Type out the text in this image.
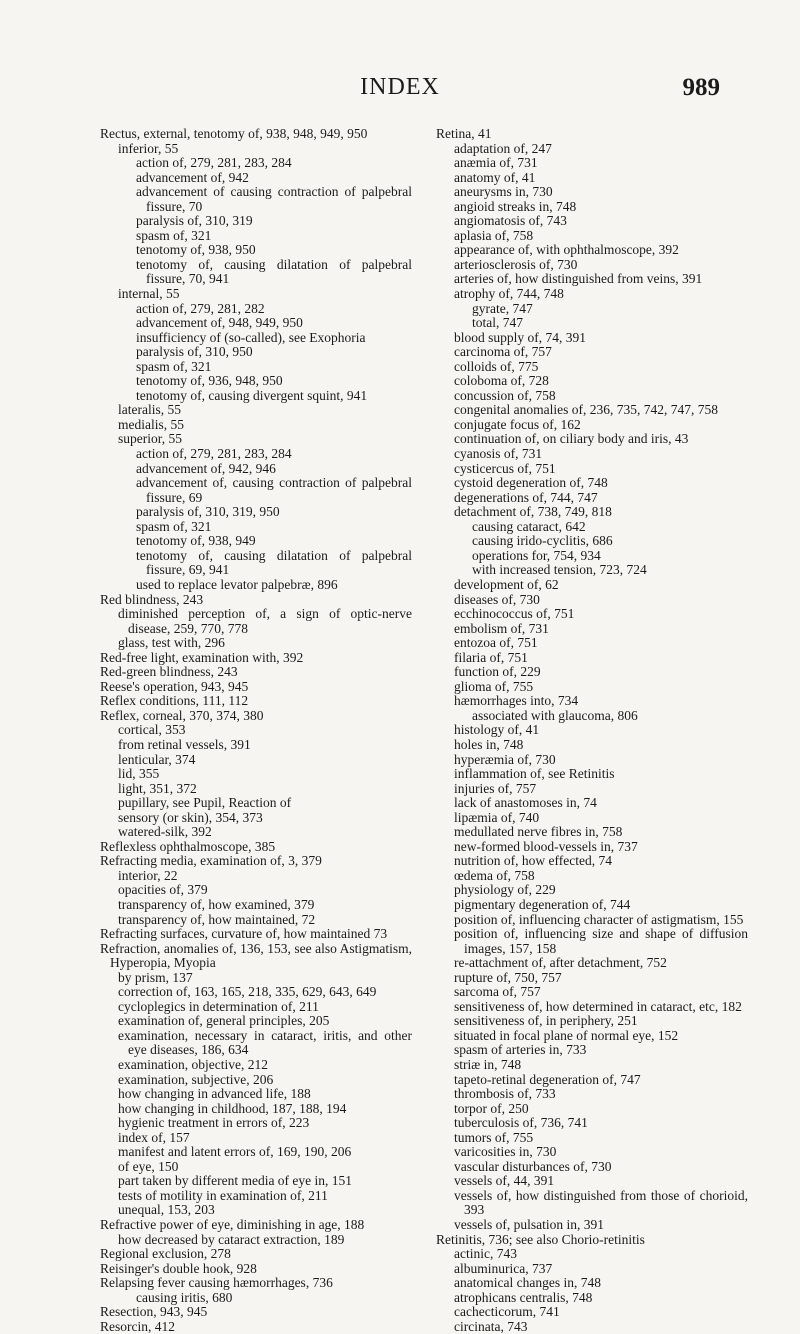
INDEX	989
Rectus, external, tenotomy of, 938, 948, 949, 950
inferior, 55
action of, 279, 281, 283, 284
advancement of, 942
advancement of causing contraction of palpebral fissure, 70
paralysis of, 310, 319
spasm of, 321
tenotomy of, 938, 950
tenotomy of, causing dilatation of palpebral fissure, 70, 941
internal, 55
action of, 279, 281, 282
advancement of, 948, 949, 950
insufficiency of (so-called), see Exophoria
paralysis of, 310, 950
spasm of, 321
tenotomy of, 936, 948, 950
tenotomy of, causing divergent squint, 941
lateralis, 55
medialis, 55
superior, 55
action of, 279, 281, 283, 284
advancement of, 942, 946
advancement of, causing contraction of palpebral fissure, 69
paralysis of, 310, 319, 950
spasm of, 321
tenotomy of, 938, 949
tenotomy of, causing dilatation of palpebral fissure, 69, 941
used to replace levator palpebræ, 896
Red blindness, 243
diminished perception of, a sign of optic-nerve disease, 259, 770, 778
glass, test with, 296
Red-free light, examination with, 392
Red-green blindness, 243
Reese's operation, 943, 945
Reflex conditions, 111, 112
Reflex, corneal, 370, 374, 380
cortical, 353
from retinal vessels, 391
lenticular, 374
lid, 355
light, 351, 372
pupillary, see Pupil, Reaction of
sensory (or skin), 354, 373
watered-silk, 392
Reflexless ophthalmoscope, 385
Refracting media, examination of, 3, 379
interior, 22
opacities of, 379
transparency of, how examined, 379
transparency of, how maintained, 72
Refracting surfaces, curvature of, how maintained 73
Refraction, anomalies of, 136, 153, see also Astigmatism, Hyperopia, Myopia
by prism, 137
correction of, 163, 165, 218, 335, 629, 643, 649
cycloplegics in determination of, 211
examination of, general principles, 205
examination, necessary in cataract, iritis, and other eye diseases, 186, 634
examination, objective, 212
examination, subjective, 206
how changing in advanced life, 188
how changing in childhood, 187, 188, 194
hygienic treatment in errors of, 223
index of, 157
manifest and latent errors of, 169, 190, 206
of eye, 150
part taken by different media of eye in, 151
tests of motility in examination of, 211
unequal, 153, 203
Refractive power of eye, diminishing in age, 188
how decreased by cataract extraction, 189
Regional exclusion, 278
Reisinger's double hook, 928
Relapsing fever causing hæmorrhages, 736
causing iritis, 680
Resection, 943, 945
Resorcin, 412
Retina, 41
adaptation of, 247
anæmia of, 731
anatomy of, 41
aneurysms in, 730
angioid streaks in, 748
angiomatosis of, 743
aplasia of, 758
appearance of, with ophthalmoscope, 392
arteriosclerosis of, 730
arteries of, how distinguished from veins, 391
atrophy of, 744, 748
gyrate, 747
total, 747
blood supply of, 74, 391
carcinoma of, 757
colloids of, 775
coloboma of, 728
concussion of, 758
congenital anomalies of, 236, 735, 742, 747, 758
conjugate focus of, 162
continuation of, on ciliary body and iris, 43
cyanosis of, 731
cysticercus of, 751
cystoid degeneration of, 748
degenerations of, 744, 747
detachment of, 738, 749, 818
causing cataract, 642
causing irido-cyclitis, 686
operations for, 754, 934
with increased tension, 723, 724
development of, 62
diseases of, 730
ecchinococcus of, 751
embolism of, 731
entozoa of, 751
filaria of, 751
function of, 229
glioma of, 755
hæmorrhages into, 734
associated with glaucoma, 806
histology of, 41
holes in, 748
hyperæmia of, 730
inflammation of, see Retinitis
injuries of, 757
lack of anastomoses in, 74
lipæmia of, 740
medullated nerve fibres in, 758
new-formed blood-vessels in, 737
nutrition of, how effected, 74
œdema of, 758
physiology of, 229
pigmentary degeneration of, 744
position of, influencing character of astigmatism, 155
position of, influencing size and shape of diffusion images, 157, 158
re-attachment of, after detachment, 752
rupture of, 750, 757
sarcoma of, 757
sensitiveness of, how determined in cataract, etc, 182
sensitiveness of, in periphery, 251
situated in focal plane of normal eye, 152
spasm of arteries in, 733
striæ in, 748
tapeto-retinal degeneration of, 747
thrombosis of, 733
torpor of, 250
tuberculosis of, 736, 741
tumors of, 755
varicosities in, 730
vascular disturbances of, 730
vessels of, 44, 391
vessels of, how distinguished from those of chorioid, 393
vessels of, pulsation in, 391
Retinitis, 736; see also Chorio-retinitis
actinic, 743
albuminurica, 737
anatomical changes in, 748
atrophicans centralis, 748
cachecticorum, 741
circinata, 743
